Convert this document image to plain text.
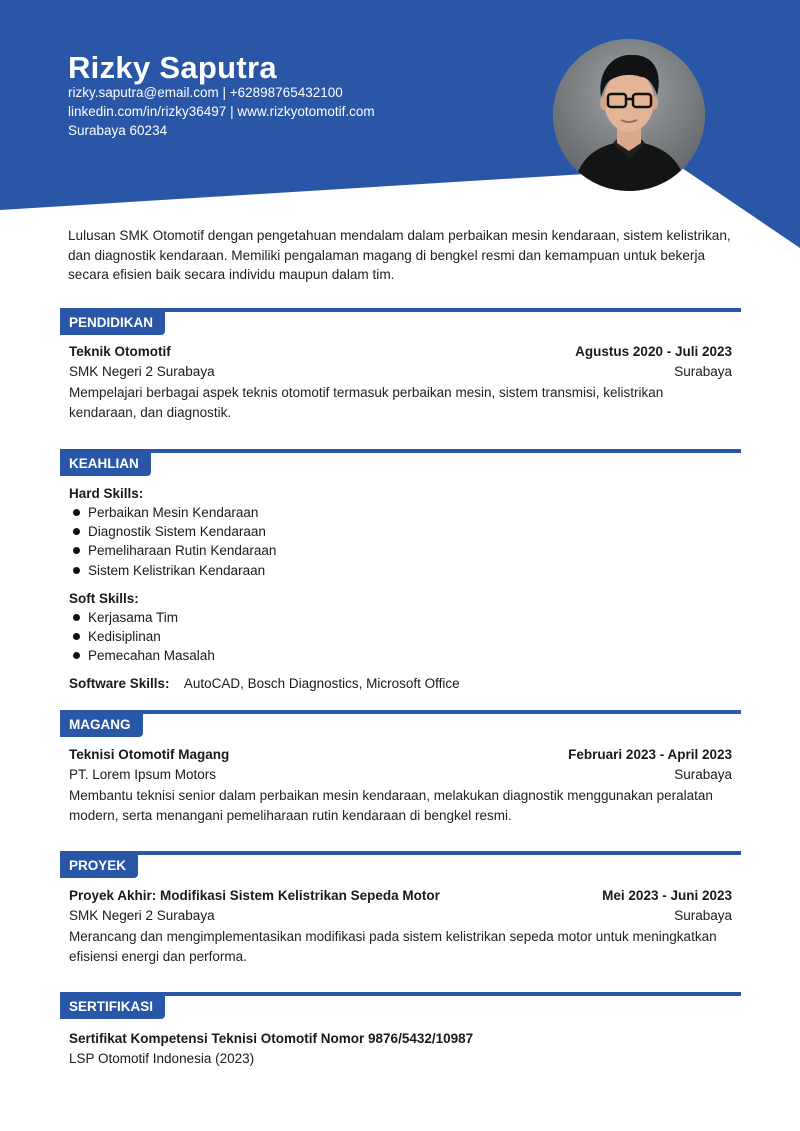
Rizky Saputra
rizky.saputra@email.com | +62898765432100
linkedin.com/in/rizky36497 | www.rizkyotomotif.com
Surabaya 60234
Lulusan SMK Otomotif dengan pengetahuan mendalam dalam perbaikan mesin kendaraan, sistem kelistrikan, dan diagnostik kendaraan. Memiliki pengalaman magang di bengkel resmi dan kemampuan untuk bekerja secara efisien baik secara individu maupun dalam tim.
PENDIDIKAN
Teknik Otomotif	Agustus 2020 - Juli 2023
SMK Negeri 2 Surabaya	Surabaya
Mempelajari berbagai aspek teknis otomotif termasuk perbaikan mesin, sistem transmisi, kelistrikan kendaraan, dan diagnostik.
KEAHLIAN
Hard Skills:
Perbaikan Mesin Kendaraan
Diagnostik Sistem Kendaraan
Pemeliharaan Rutin Kendaraan
Sistem Kelistrikan Kendaraan
Soft Skills:
Kerjasama Tim
Kedisiplinan
Pemecahan Masalah
Software Skills: AutoCAD, Bosch Diagnostics, Microsoft Office
MAGANG
Teknisi Otomotif Magang	Februari 2023 - April 2023
PT. Lorem Ipsum Motors	Surabaya
Membantu teknisi senior dalam perbaikan mesin kendaraan, melakukan diagnostik menggunakan peralatan modern, serta menangani pemeliharaan rutin kendaraan di bengkel resmi.
PROYEK
Proyek Akhir: Modifikasi Sistem Kelistrikan Sepeda Motor	Mei 2023 - Juni 2023
SMK Negeri 2 Surabaya	Surabaya
Merancang dan mengimplementasikan modifikasi pada sistem kelistrikan sepeda motor untuk meningkatkan efisiensi energi dan performa.
SERTIFIKASI
Sertifikat Kompetensi Teknisi Otomotif Nomor 9876/5432/10987
LSP Otomotif Indonesia (2023)
